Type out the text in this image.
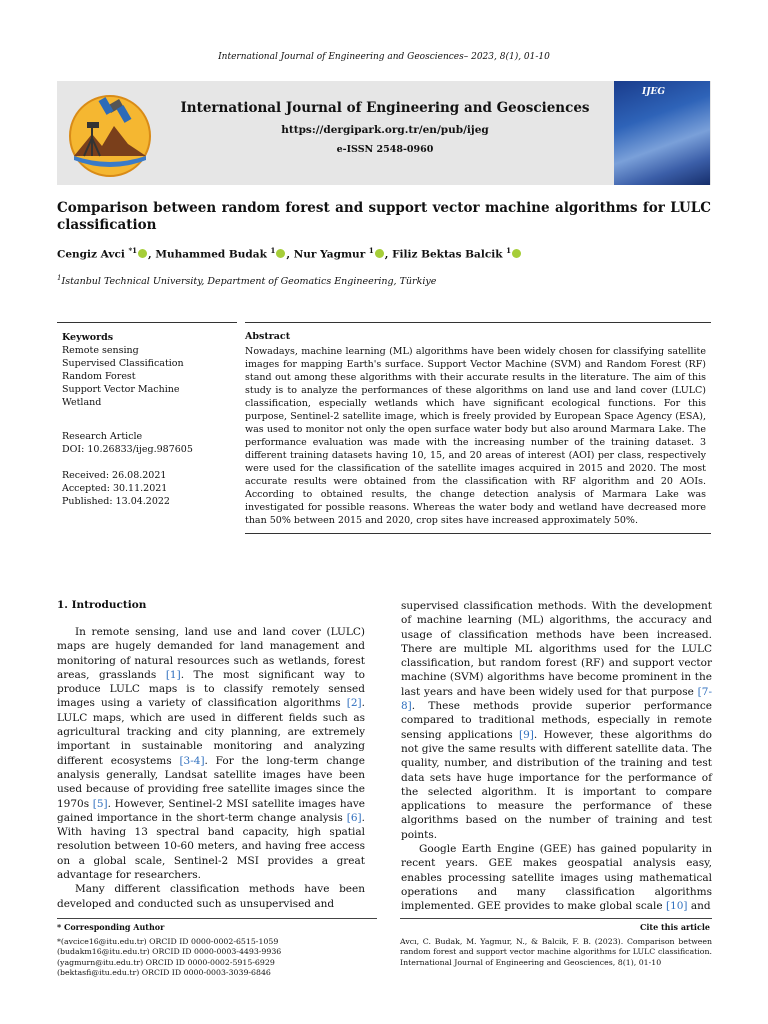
International Journal of Engineering and Geosciences– 2023, 8(1), 01-10
International Journal of Engineering and Geosciences
https://dergipark.org.tr/en/pub/ijeg
e-ISSN 2548-0960
IJEG
Comparison between random forest and support vector machine algorithms for LULC classification
Cengiz Avci $^{*1}$ , Muhammed Budak $^1$ , Nur Yagmur $^1$ , Filiz Bektas Balcik $^1$
$^1$Istanbul Technical University, Department of Geomatics Engineering, Türkiye
Keywords
Remote sensing
Supervised Classification
Random Forest
Support Vector Machine
Wetland
Research Article
DOI: 10.26833/ijeg.987605
Received: 26.08.2021
Accepted: 30.11.2021
Published: 13.04.2022
Abstract
Nowadays, machine learning (ML) algorithms have been widely chosen for classifying satellite images for mapping Earth's surface. Support Vector Machine (SVM) and Random Forest (RF) stand out among these algorithms with their accurate results in the literature. The aim of this study is to analyze the performances of these algorithms on land use and land cover (LULC) classification, especially wetlands which have significant ecological functions. For this purpose, Sentinel-2 satellite image, which is freely provided by European Space Agency (ESA), was used to monitor not only the open surface water body but also around Marmara Lake. The performance evaluation was made with the increasing number of the training dataset. 3 different training datasets having 10, 15, and 20 areas of interest (AOI) per class, respectively were used for the classification of the satellite images acquired in 2015 and 2020. The most accurate results were obtained from the classification with RF algorithm and 20 AOIs. According to obtained results, the change detection analysis of Marmara Lake was investigated for possible reasons. Whereas the water body and wetland have decreased more than 50% between 2015 and 2020, crop sites have increased approximately 50%.
1. Introduction

In remote sensing, land use and land cover (LULC) maps are hugely demanded for land management and monitoring of natural resources such as wetlands, forest areas, grasslands [1]. The most significant way to produce LULC maps is to classify remotely sensed images using a variety of classification algorithms [2]. LULC maps, which are used in different fields such as agricultural tracking and city planning, are extremely important in sustainable monitoring and analyzing different ecosystems [3-4]. For the long-term change analysis generally, Landsat satellite images have been used because of providing free satellite images since the 1970s [5]. However, Sentinel-2 MSI satellite images have gained importance in the short-term change analysis [6]. With having 13 spectral band capacity, high spatial resolution between 10-60 meters, and having free access on a global scale, Sentinel-2 MSI provides a great advantage for researchers.

Many different classification methods have been developed and conducted such as unsupervised and

supervised classification methods. With the development of machine learning (ML) algorithms, the accuracy and usage of classification methods have been increased. There are multiple ML algorithms used for the LULC classification, but random forest (RF) and support vector machine (SVM) algorithms have become prominent in the last years and have been widely used for that purpose [7-8]. These methods provide superior performance compared to traditional methods, especially in remote sensing applications [9]. However, these algorithms do not give the same results with different satellite data. The quality, number, and distribution of the training and test data sets have huge importance for the performance of the selected algorithm. It is important to compare applications to measure the performance of these algorithms based on the number of training and test points.

Google Earth Engine (GEE) has gained popularity in recent years. GEE makes geospatial analysis easy, enables processing satellite images using mathematical operations and many classification algorithms implemented. GEE provides to make global scale [10] and

* Corresponding Author
*(avcice16@itu.edu.tr) ORCID ID 0000-0002-6515-1059
(budakm16@itu.edu.tr) ORCID ID 0000-0003-4493-9936
(yagmurn@itu.edu.tr) ORCID ID 0000-0002-5915-6929
(bektasfi@itu.edu.tr) ORCID ID 0000-0003-3039-6846
Cite this article
Avcı, C. Budak, M. Yagmur, N., & Balcik, F. B. (2023). Comparison between random forest and support vector machine algorithms for LULC classification. International Journal of Engineering and Geosciences, 8(1), 01-10
